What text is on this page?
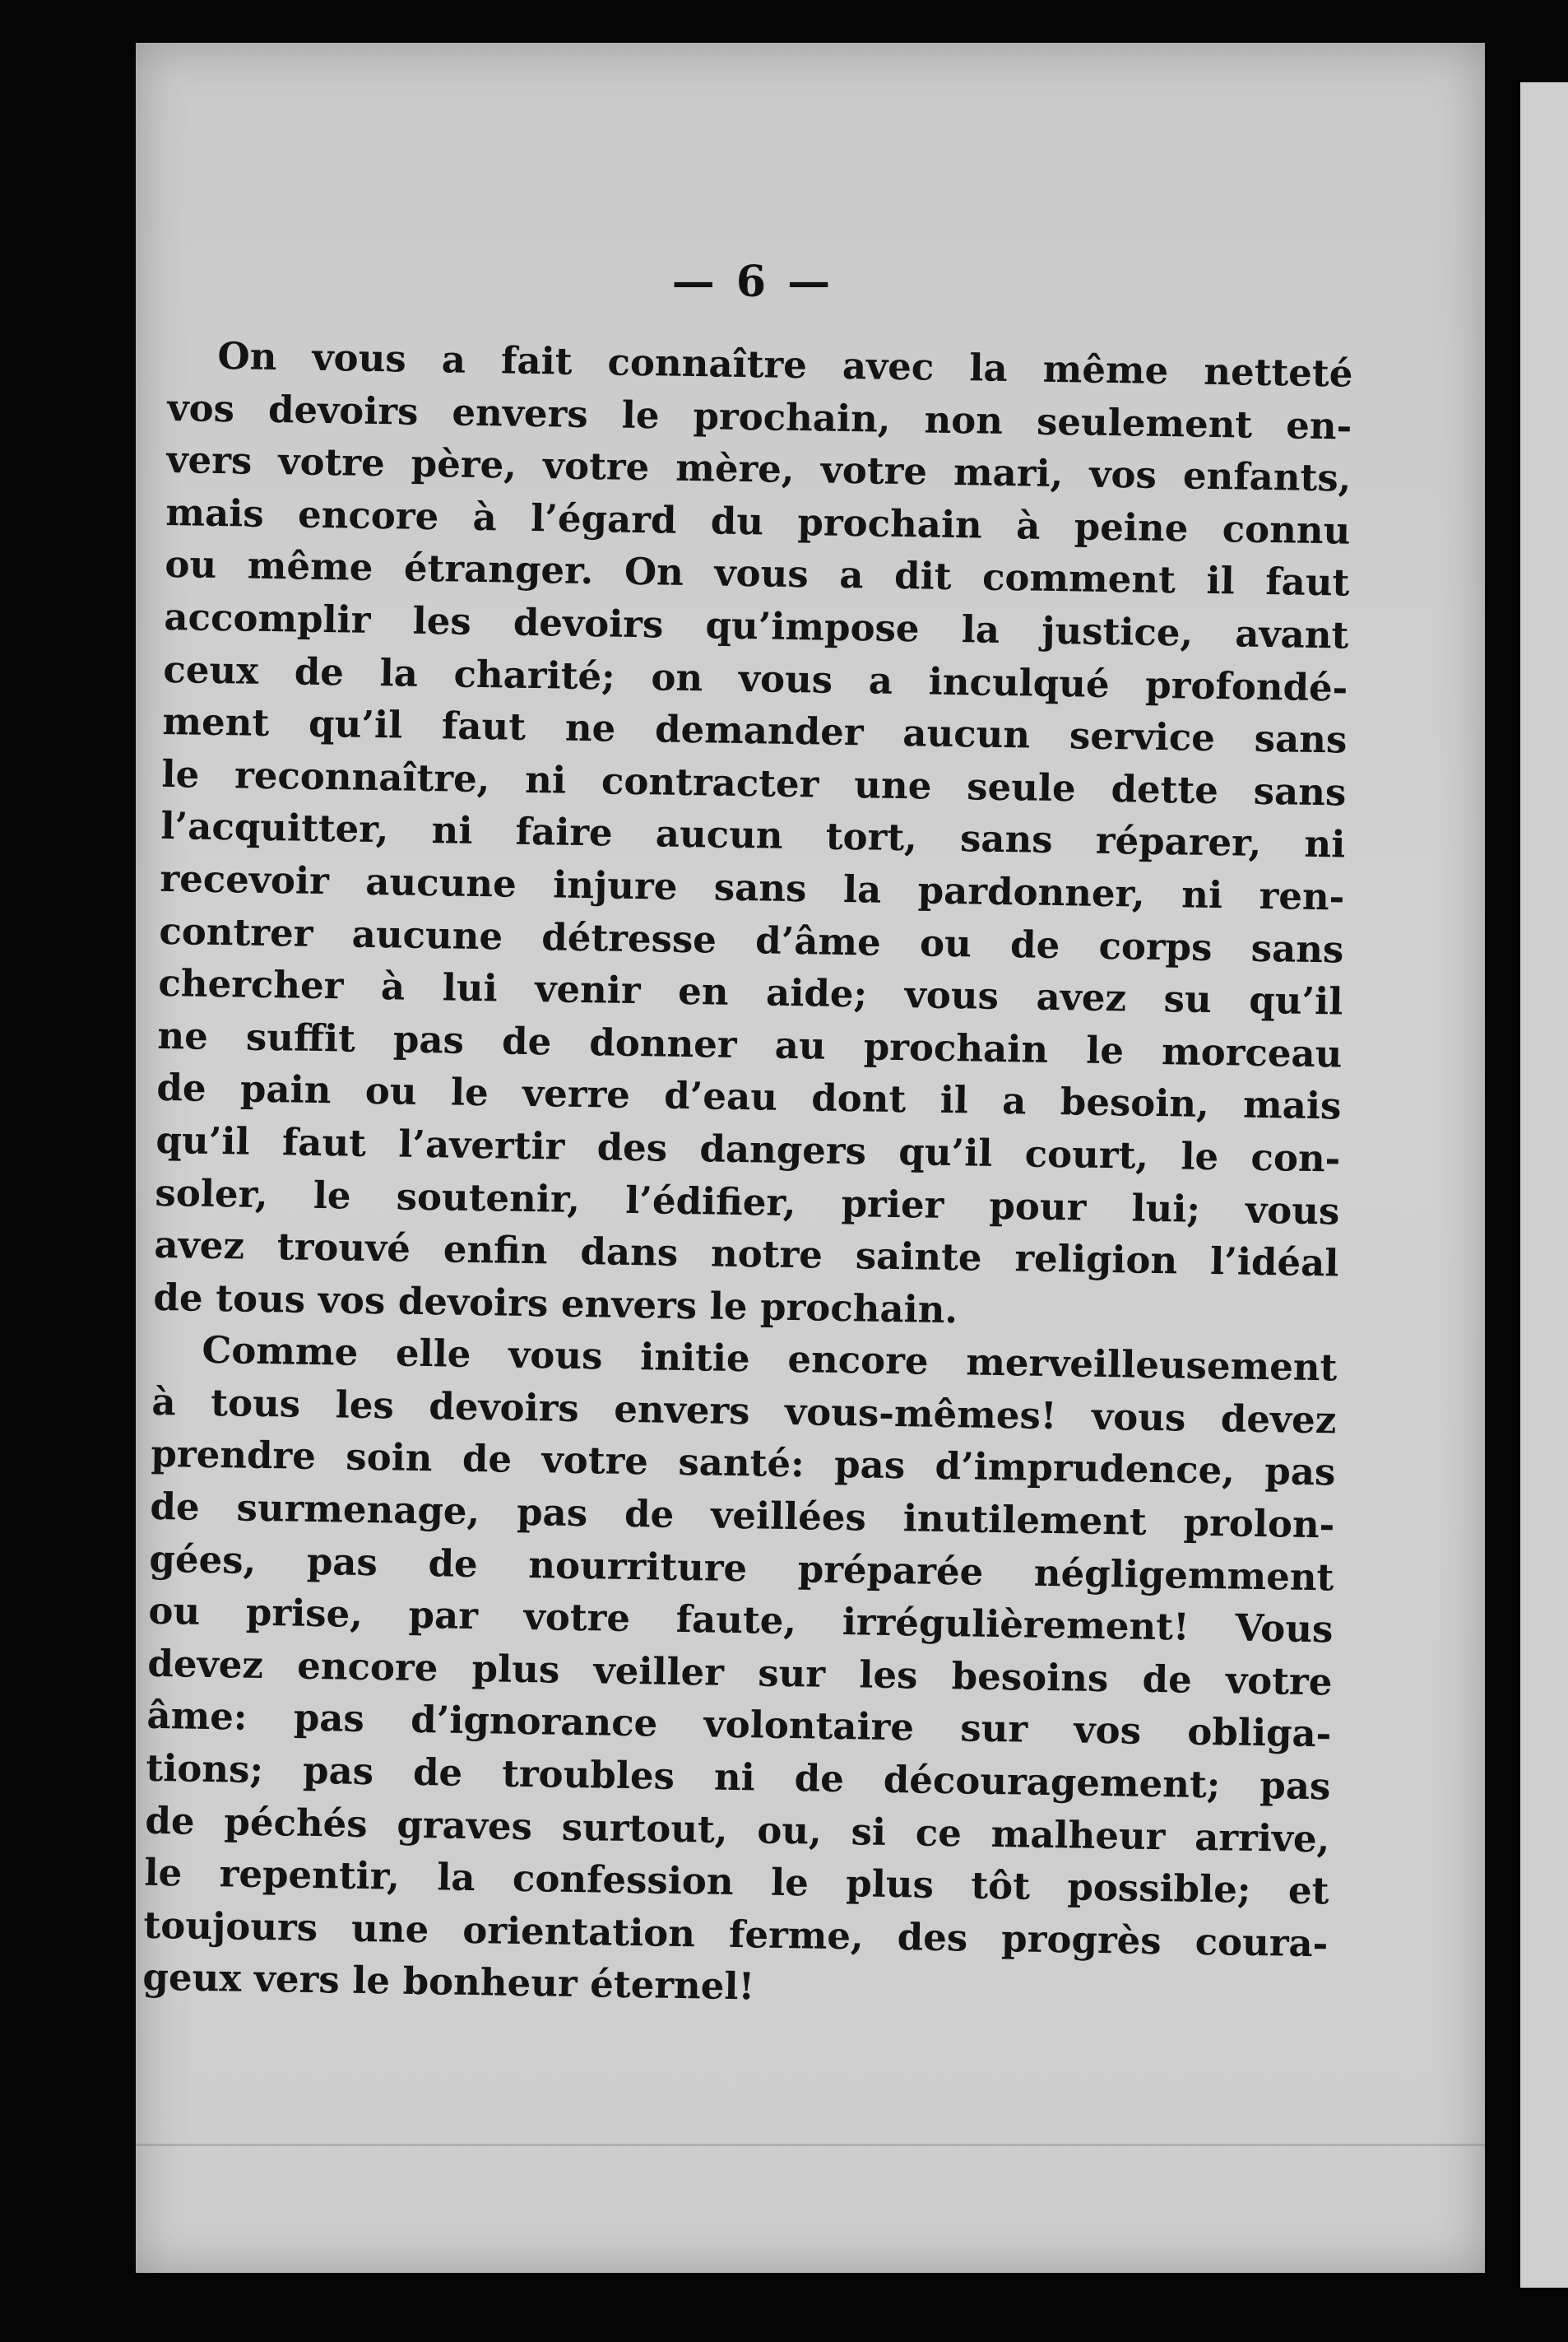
— 6 —
On vous a fait connaître avec la même netteté
vos devoirs envers le prochain, non seulement en-
vers votre père, votre mère, votre mari, vos enfants,
mais encore à l’égard du prochain à peine connu
ou même étranger. On vous a dit comment il faut
accomplir les devoirs qu’impose la justice, avant
ceux de la charité; on vous a inculqué profondé-
ment qu’il faut ne demander aucun service sans
le reconnaître, ni contracter une seule dette sans
l’acquitter, ni faire aucun tort, sans réparer, ni
recevoir aucune injure sans la pardonner, ni ren-
contrer aucune détresse d’âme ou de corps sans
chercher à lui venir en aide; vous avez su qu’il
ne suffit pas de donner au prochain le morceau
de pain ou le verre d’eau dont il a besoin, mais
qu’il faut l’avertir des dangers qu’il court, le con-
soler, le soutenir, l’édifier, prier pour lui; vous
avez trouvé enfin dans notre sainte religion l’idéal
de tous vos devoirs envers le prochain.
Comme elle vous initie encore merveilleusement
à tous les devoirs envers vous-mêmes! vous devez
prendre soin de votre santé: pas d’imprudence, pas
de surmenage, pas de veillées inutilement prolon-
gées, pas de nourriture préparée négligemment
ou prise, par votre faute, irrégulièrement! Vous
devez encore plus veiller sur les besoins de votre
âme: pas d’ignorance volontaire sur vos obliga-
tions; pas de troubles ni de découragement; pas
de péchés graves surtout, ou, si ce malheur arrive,
le repentir, la confession le plus tôt possible; et
toujours une orientation ferme, des progrès coura-
geux vers le bonheur éternel!
